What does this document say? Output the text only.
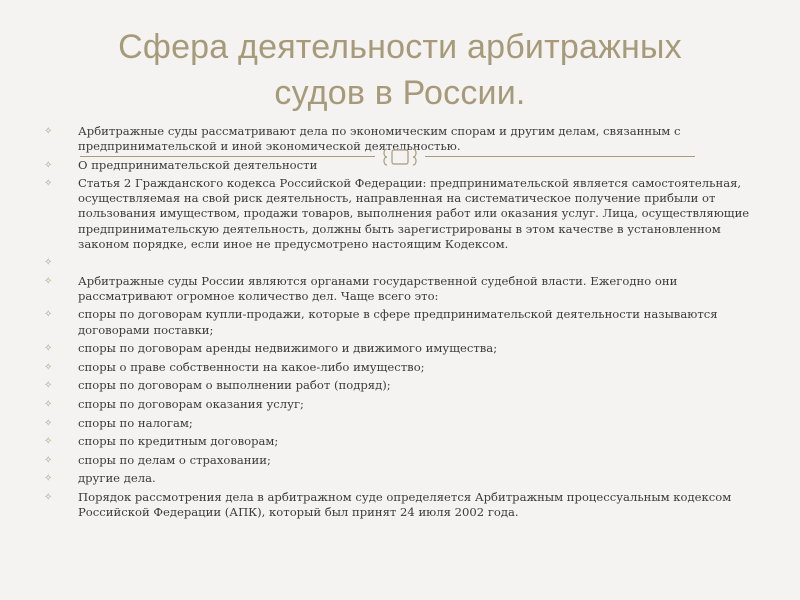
Сфера деятельности арбитражных
судов в России.
✧	Арбитражные суды рассматривают дела по экономическим спорам и другим делам, связанным с предпринимательской и иной экономической деятельностью.
✧	О предпринимательской деятельности
✧	Статья 2 Гражданского кодекса Российской Федерации: предпринимательской является самостоятельная, осуществляемая на свой риск деятельность, направленная на систематическое получение прибыли от пользования имуществом, продажи товаров, выполнения работ или оказания услуг. Лица, осуществляющие предпринимательскую деятельность, должны быть зарегистрированы в этом качестве в установленном законом порядке, если иное не предусмотрено настоящим Кодексом.
✧
✧	Арбитражные суды России являются органами государственной судебной власти. Ежегодно они рассматривают огромное количество дел. Чаще всего это:
✧	споры по договорам купли-продажи, которые в сфере предпринимательской деятельности называются договорами поставки;
✧	споры по договорам аренды недвижимого и движимого имущества;
✧	споры о праве собственности на какое-либо имущество;
✧	споры по договорам о выполнении работ (подряд);
✧	споры по договорам оказания услуг;
✧	споры по налогам;
✧	споры по кредитным договорам;
✧	споры по делам о страховании;
✧	другие дела.
✧	Порядок рассмотрения дела в арбитражном суде определяется Арбитражным процессуальным кодексом Российской Федерации (АПК), который был принят 24 июля 2002 года.
